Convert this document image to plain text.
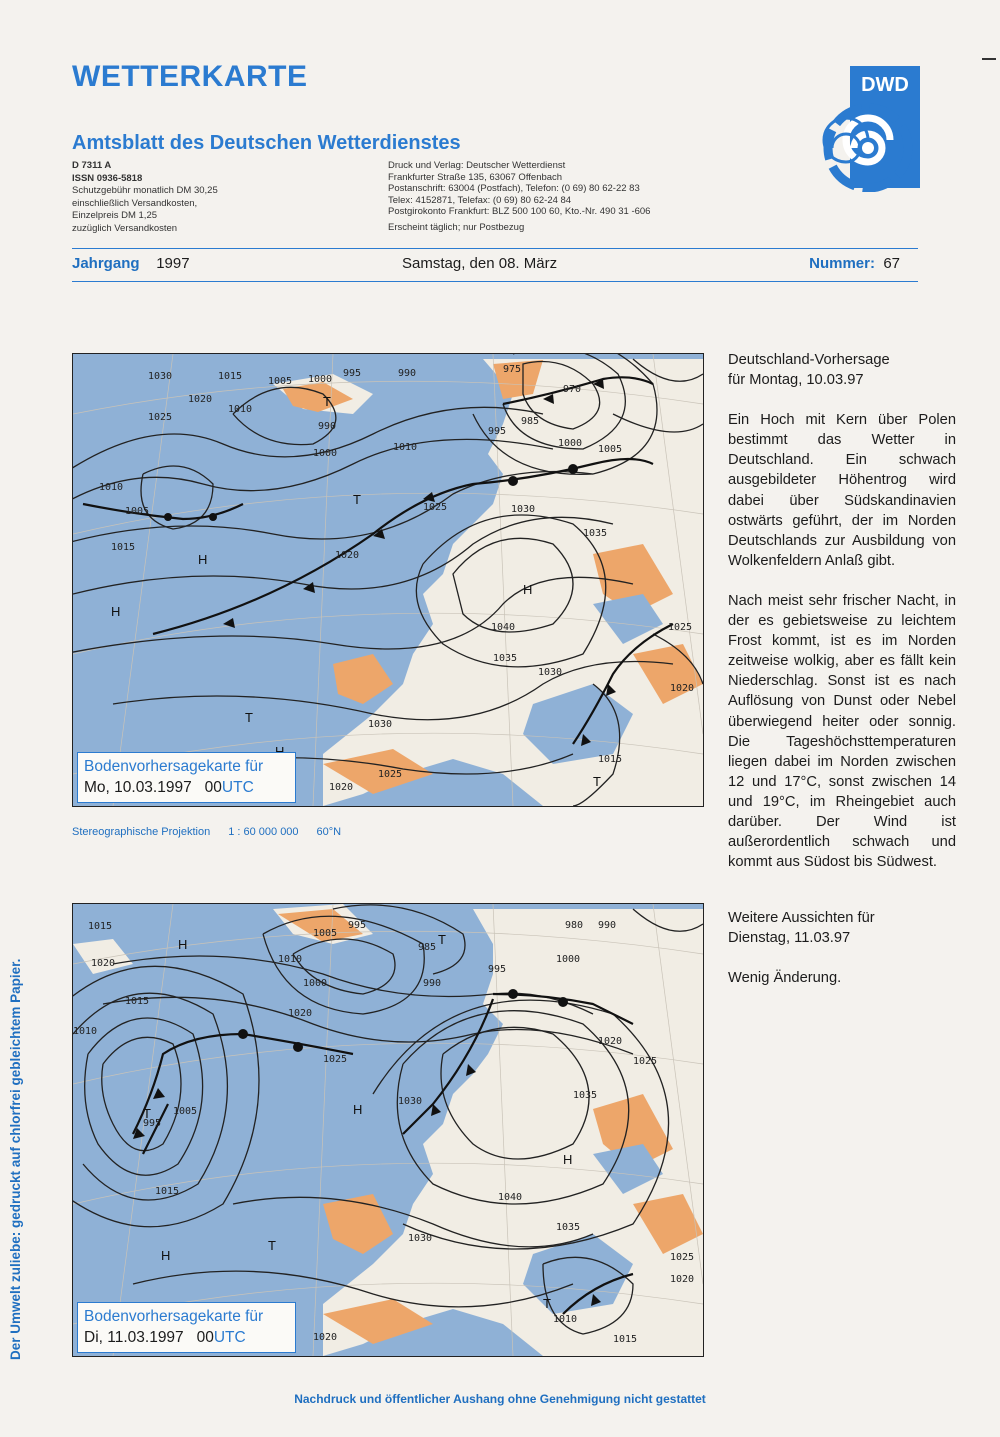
WETTERKARTE
Amtsblatt des Deutschen Wetterdienstes
D 7311 A
ISSN 0936-5818
Schutzgebühr monatlich DM 30,25
einschließlich Versandkosten,
Einzelpreis DM 1,25
zuzüglich Versandkosten
Druck und Verlag: Deutscher Wetterdienst
Frankfurter Straße 135, 63067 Offenbach
Postanschrift: 63004 (Postfach), Telefon: (0 69) 80 62-22 83
Telex: 4152871, Telefax: (0 69) 80 62-24 84
Postgirokonto Frankfurt: BLZ 500 100 60, Kto.-Nr. 490 31 -606
Erscheint täglich; nur Postbezug
DWD
Jahrgang 1997	Samstag, den 08. März	Nummer: 67
1030	1015	1005 1000
995	990	975
970
1010
1020
1025
990
1000
985
995
1000
1005
1010
1025	1030
1035
1010
1005
1015
1020
1040
1035
1030
1025
1020
1030
1015
1025
1020
T
H
H
T
H
T
T
Bodenvorhersagekarte für
Mo, 10.03.1997 00UTC
Stereographische Projektion 1 : 60 000 000 60°N
1015
1020
1005
995
985
990
995
980 990
1000
1010
1000
1015
1010
1020
1025
1005
995
1030
1035
1040
1020
1025
1015
1030
1035
1025
1020
1010
1015
1020
H	T
H
T
H
T
H
T
Bodenvorhersagekarte für
Di, 11.03.1997 00UTC

Deutschland-Vorhersage

für Montag, 10.03.97

Ein Hoch mit Kern über Polen bestimmt das Wetter in Deutschland. Ein schwach ausgebildeter Höhentrog wird dabei über Südskandinavien ostwärts geführt, der im Norden Deutschlands zur Ausbildung von Wolkenfeldern Anlaß gibt.

Nach meist sehr frischer Nacht, in der es gebietsweise zu leichtem Frost kommt, ist es im Norden zeitweise wolkig, aber es fällt kein Niederschlag. Sonst ist es nach Auflösung von Dunst oder Nebel überwiegend heiter oder sonnig. Die Tageshöchsttemperaturen liegen dabei im Norden zwischen 12 und 17°C, sonst zwischen 14 und 19°C, im Rheingebiet auch darüber. Der Wind ist außerordentlich schwach und kommt aus Südost bis Südwest.

Weitere Aussichten für

Dienstag, 11.03.97

Wenig Änderung.

Der Umwelt zuliebe: gedruckt auf chlorfrei gebleichtem Papier.
Nachdruck und öffentlicher Aushang ohne Genehmigung nicht gestattet
